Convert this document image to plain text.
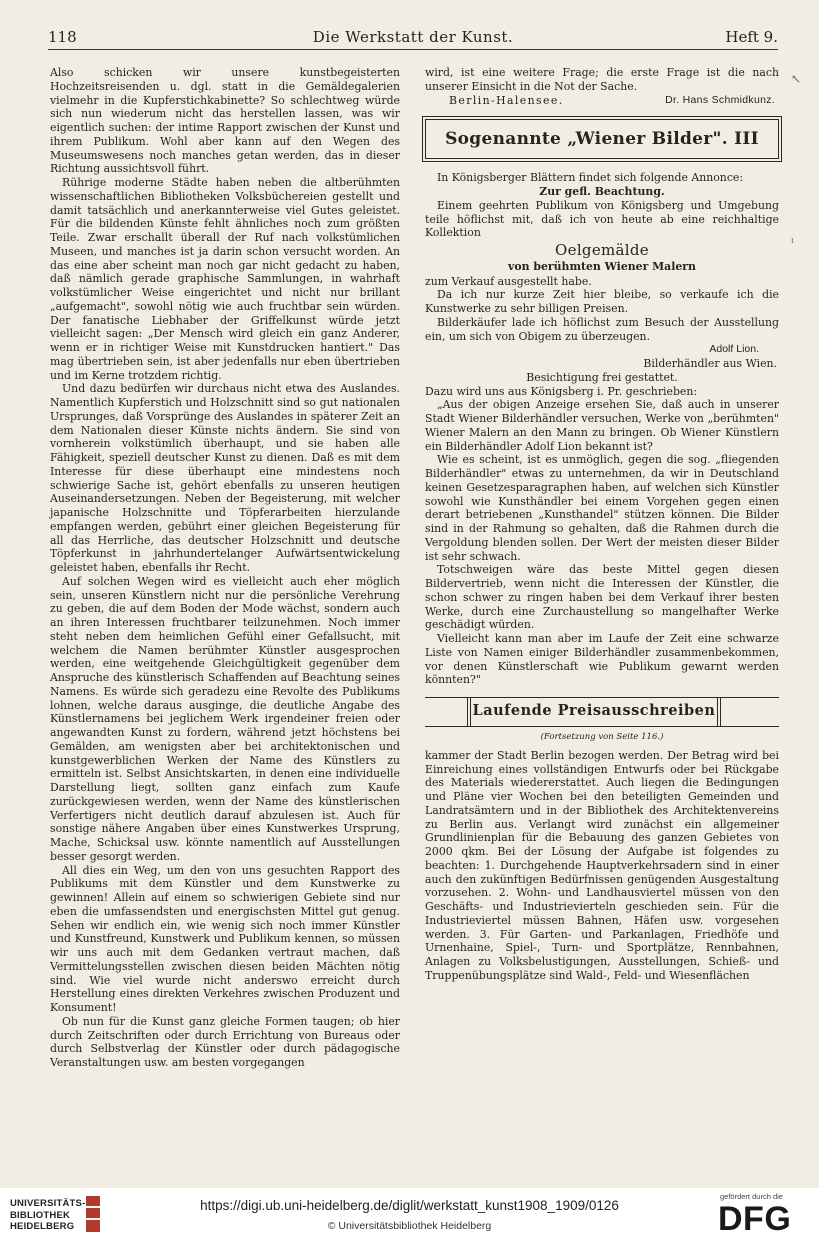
118	Die Werkstatt der Kunst.	Heft 9.

Also schicken wir unsere kunstbegeisterten Hochzeitsreisenden u. dgl. statt in die Gemäldegalerien vielmehr in die Kupferstichkabinette? So schlechtweg würde sich nun wiederum nicht das herstellen lassen, was wir eigentlich suchen: der intime Rapport zwischen der Kunst und ihrem Publikum. Wohl aber kann auf den Wegen des Museumswesens noch manches getan werden, das in dieser Richtung aussichtsvoll führt.

Rührige moderne Städte haben neben die altberühmten wissenschaftlichen Bibliotheken Volksbüchereien gestellt und damit tatsächlich und anerkannterweise viel Gutes geleistet. Für die bildenden Künste fehlt ähnliches noch zum größten Teile. Zwar erschallt überall der Ruf nach volkstümlichen Museen, und manches ist ja darin schon versucht worden. An das eine aber scheint man noch gar nicht gedacht zu haben, daß nämlich gerade graphische Sammlungen, in wahrhaft volkstümlicher Weise eingerichtet und nicht nur brillant „aufgemacht", sowohl nötig wie auch fruchtbar sein würden. Der fanatische Liebhaber der Griffelkunst würde jetzt vielleicht sagen: „Der Mensch wird gleich ein ganz Anderer, wenn er in richtiger Weise mit Kunstdrucken hantiert." Das mag übertrieben sein, ist aber jedenfalls nur eben übertrieben und im Kerne trotzdem richtig.

Und dazu bedürfen wir durchaus nicht etwa des Auslandes. Namentlich Kupferstich und Holzschnitt sind so gut nationalen Ursprunges, daß Vorsprünge des Auslandes in späterer Zeit an dem Nationalen dieser Künste nichts ändern. Sie sind von vornherein volkstümlich überhaupt, und sie haben alle Fähigkeit, speziell deutscher Kunst zu dienen. Daß es mit dem Interesse für diese überhaupt eine mindestens noch schwierige Sache ist, gehört ebenfalls zu unseren heutigen Auseinandersetzungen. Neben der Begeisterung, mit welcher japanische Holzschnitte und Töpferarbeiten hierzulande empfangen werden, gebührt einer gleichen Begeisterung für all das Herrliche, das deutscher Holzschnitt und deutsche Töpferkunst in jahrhundertelanger Aufwärtsentwickelung geleistet haben, ebenfalls ihr Recht.

Auf solchen Wegen wird es vielleicht auch eher möglich sein, unseren Künstlern nicht nur die persönliche Verehrung zu geben, die auf dem Boden der Mode wächst, sondern auch an ihren Interessen fruchtbarer teilzunehmen. Noch immer steht neben dem heimlichen Gefühl einer Gefallsucht, mit welchem die Namen berühmter Künstler ausgesprochen werden, eine weitgehende Gleichgültigkeit gegenüber dem Anspruche des künstlerisch Schaffenden auf Beachtung seines Namens. Es würde sich geradezu eine Revolte des Publikums lohnen, welche daraus ausginge, die deutliche Angabe des Künstlernamens bei jeglichem Werk irgendeiner freien oder angewandten Kunst zu fordern, während jetzt höchstens bei Gemälden, am wenigsten aber bei architektonischen und kunstgewerblichen Werken der Name des Künstlers zu ermitteln ist. Selbst Ansichtskarten, in denen eine individuelle Darstellung liegt, sollten ganz einfach zum Kaufe zurückgewiesen werden, wenn der Name des künstlerischen Verfertigers nicht deutlich darauf abzulesen ist. Auch für sonstige nähere Angaben über eines Kunstwerkes Ursprung, Mache, Schicksal usw. könnte namentlich auf Ausstellungen besser gesorgt werden.

All dies ein Weg, um den von uns gesuchten Rapport des Publikums mit dem Künstler und dem Kunstwerke zu gewinnen! Allein auf einem so schwierigen Gebiete sind nur eben die umfassendsten und energischsten Mittel gut genug. Sehen wir endlich ein, wie wenig sich noch immer Künstler und Kunstfreund, Kunstwerk und Publikum kennen, so müssen wir uns auch mit dem Gedanken vertraut machen, daß Vermittelungsstellen zwischen diesen beiden Mächten nötig sind. Wie viel wurde nicht anderswo erreicht durch Herstellung eines direkten Verkehres zwischen Produzent und Konsument!

Ob nun für die Kunst ganz gleiche Formen taugen; ob hier durch Zeitschriften oder durch Errichtung von Bureaus oder durch Selbstverlag der Künstler oder durch pädagogische Veranstaltungen usw. am besten vorgegangen

wird, ist eine weitere Frage; die erste Frage ist die nach unserer Einsicht in die Not der Sache.

Berlin-Halensee.	Dr. Hans Schmidkunz.
Sogenannte „Wiener Bilder". III

In Königsberger Blättern findet sich folgende Annonce:

Zur gefl. Beachtung.

Einem geehrten Publikum von Königsberg und Umgebung teile höflichst mit, daß ich von heute ab eine reichhaltige Kollektion

Oelgemälde
von berühmten Wiener Malern

zum Verkauf ausgestellt habe.

Da ich nur kurze Zeit hier bleibe, so verkaufe ich die Kunstwerke zu sehr billigen Preisen.

Bilderkäufer lade ich höflichst zum Besuch der Ausstellung ein, um sich von Obigem zu überzeugen.

Adolf Lion.
Bilderhändler aus Wien.
Besichtigung frei gestattet.

Dazu wird uns aus Königsberg i. Pr. geschrieben:

„Aus der obigen Anzeige ersehen Sie, daß auch in unserer Stadt Wiener Bilderhändler versuchen, Werke von „berühmten" Wiener Malern an den Mann zu bringen. Ob Wiener Künstlern ein Bilderhändler Adolf Lion bekannt ist?

Wie es scheint, ist es unmöglich, gegen die sog. „fliegenden Bilderhändler" etwas zu unternehmen, da wir in Deutschland keinen Gesetzesparagraphen haben, auf welchen sich Künstler sowohl wie Kunsthändler bei einem Vorgehen gegen einen derart betriebenen „Kunsthandel" stützen können. Die Bilder sind in der Rahmung so gehalten, daß die Rahmen durch die Vergoldung blenden sollen. Der Wert der meisten dieser Bilder ist sehr schwach.

Totschweigen wäre das beste Mittel gegen diesen Bildervertrieb, wenn nicht die Interessen der Künstler, die schon schwer zu ringen haben bei dem Verkauf ihrer besten Werke, durch eine Zurchaustellung so mangelhafter Werke geschädigt würden.

Vielleicht kann man aber im Laufe der Zeit eine schwarze Liste von Namen einiger Bilderhändler zusammenbekommen, vor denen Künstlerschaft wie Publikum gewarnt werden könnten?"

Laufende Preisausschreiben
(Fortsetzung von Seite 116.)

kammer der Stadt Berlin bezogen werden. Der Betrag wird bei Einreichung eines vollständigen Entwurfs oder bei Rückgabe des Materials wiedererstattet. Auch liegen die Bedingungen und Pläne vier Wochen bei den beteiligten Gemeinden und Landratsämtern und in der Bibliothek des Architektenvereins zu Berlin aus. Verlangt wird zunächst ein allgemeiner Grundlinienplan für die Bebauung des ganzen Gebietes von 2000 qkm. Bei der Lösung der Aufgabe ist folgendes zu beachten: 1. Durchgehende Hauptverkehrsadern sind in einer auch den zukünftigen Bedürfnissen genügenden Ausgestaltung vorzusehen. 2. Wohn- und Landhausviertel müssen von den Geschäfts- und Industrievierteln geschieden sein. Für die Industrieviertel müssen Bahnen, Häfen usw. vorgesehen werden. 3. Für Garten- und Parkanlagen, Friedhöfe und Urnenhaine, Spiel-, Turn- und Sportplätze, Rennbahnen, Anlagen zu Volksbelustigungen, Ausstellungen, Schieß- und Truppenübungsplätze sind Wald-, Feld- und Wiesenflächen

↖
ˡ
UNIVERSITÄTS-
BIBLIOTHEK
HEIDELBERG
https://digi.ub.uni-heidelberg.de/diglit/werkstatt_kunst1908_1909/0126
© Universitätsbibliothek Heidelberg
gefördert durch die
DFG
